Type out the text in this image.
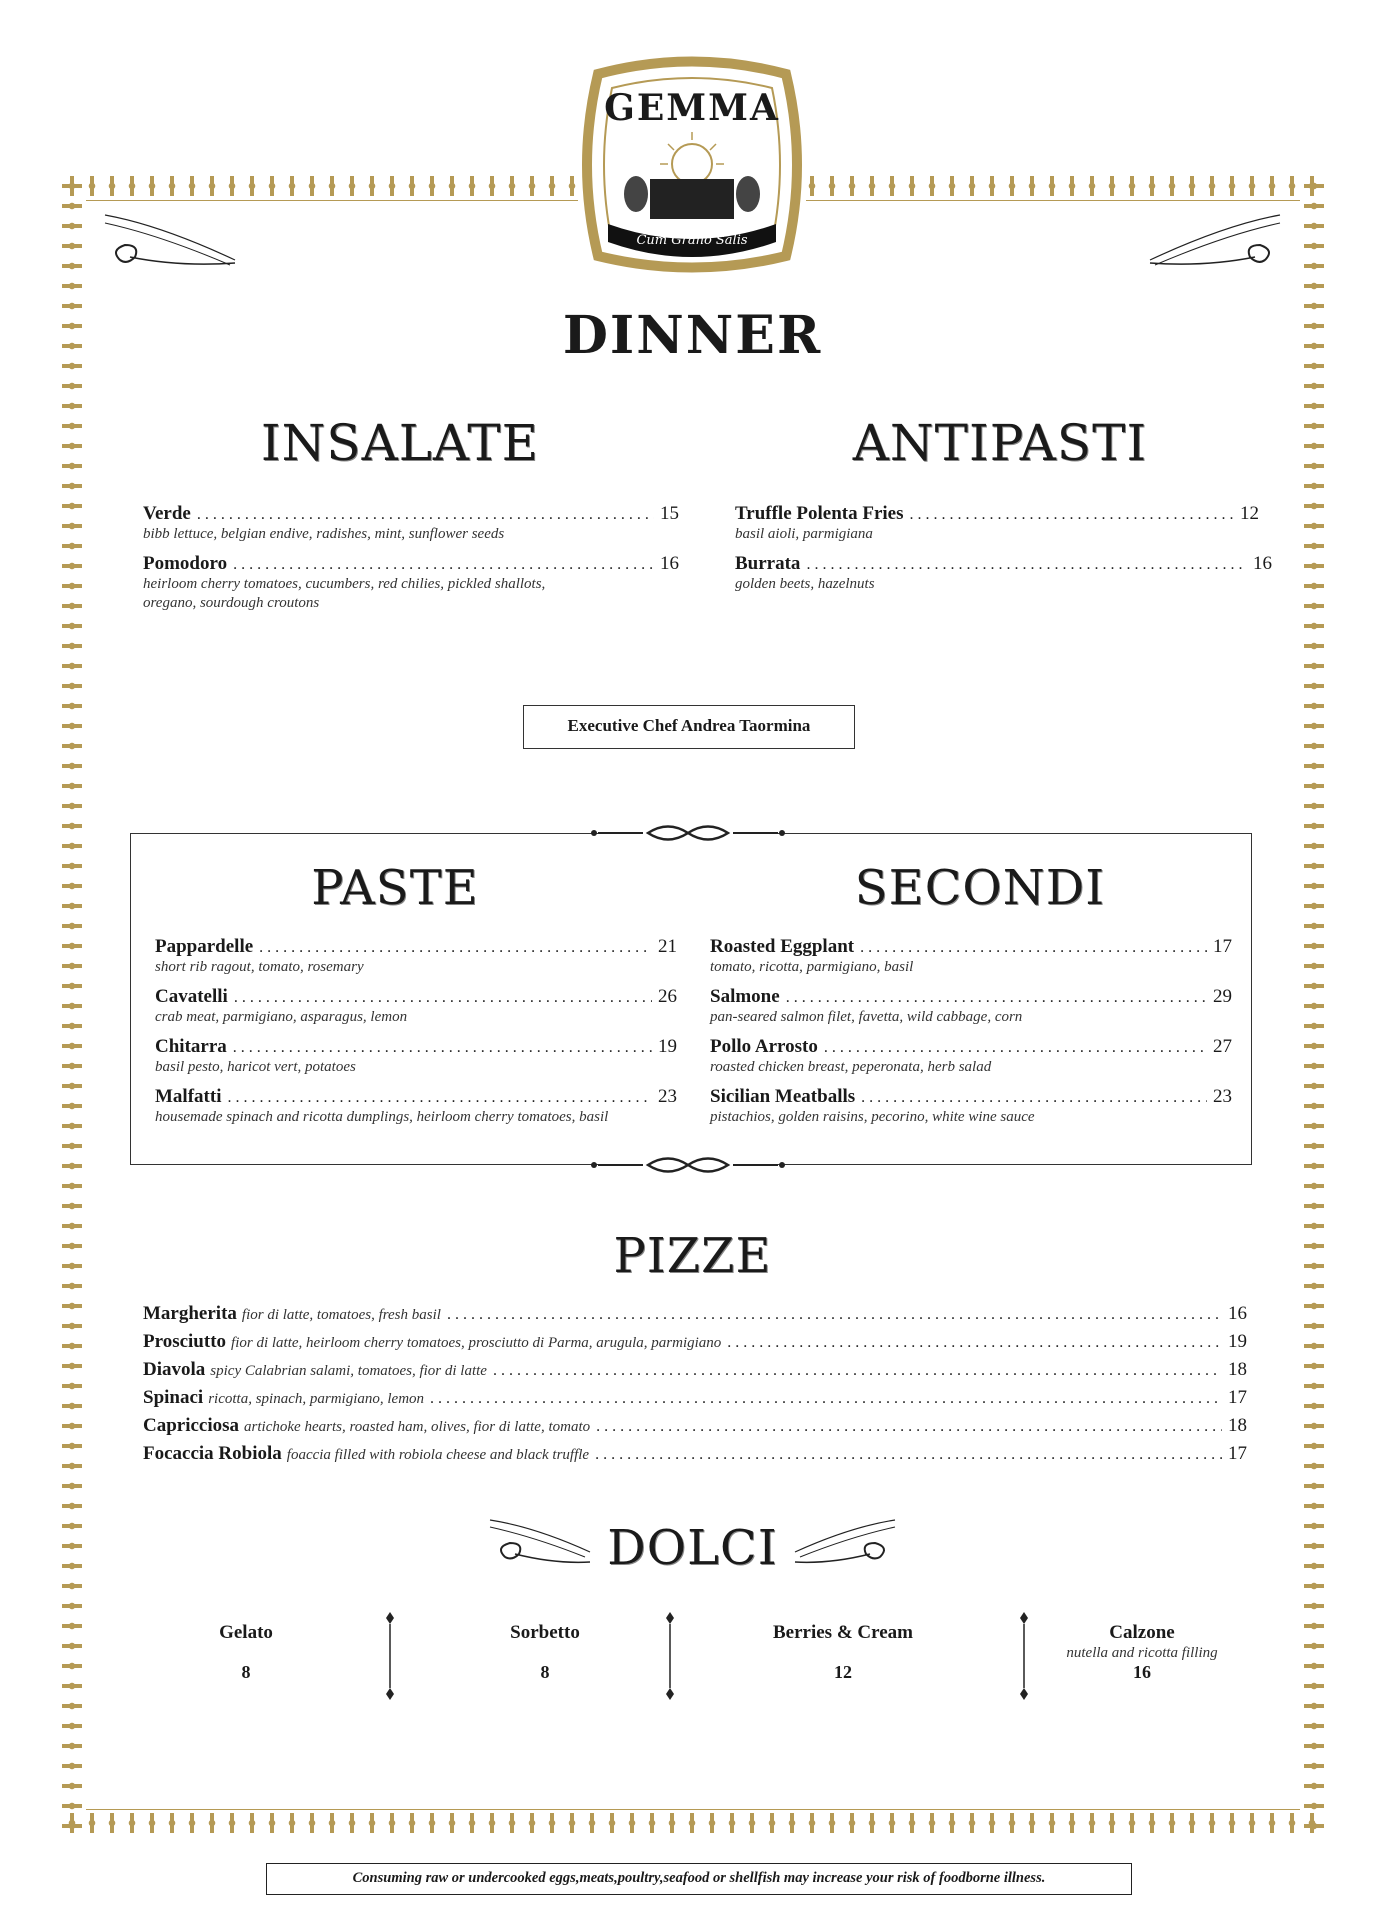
Cum Grano Salis
GEMMA
DINNER
INSALATE
Verde . . .	15
bibb lettuce, belgian endive, radishes, mint, sunflower seeds
Pomodoro . . .	16
heirloom cherry tomatoes, cucumbers, red chilies, pickled shallots,
oregano, sourdough croutons
ANTIPASTI
Truffle Polenta Fries . . .	12
basil aioli, parmigiana
Burrata . . .	16
golden beets, hazelnuts
Executive Chef Andrea Taormina
PASTE	SECONDI
Pappardelle . . .	21
short rib ragout, tomato, rosemary
Cavatelli . . .	26
crab meat, parmigiano, asparagus, lemon
Chitarra . . .	19
basil pesto, haricot vert, potatoes
Malfatti . . .	23
housemade spinach and ricotta dumplings, heirloom cherry tomatoes, basil
Roasted Eggplant . . .	17
tomato, ricotta, parmigiano, basil
Salmone . . .	29
pan-seared salmon filet, favetta, wild cabbage, corn
Pollo Arrosto . . .	27
roasted chicken breast, peperonata, herb salad
Sicilian Meatballs . . .	23
pistachios, golden raisins, pecorino, white wine sauce
PIZZE
Margherita fior di latte, tomatoes, fresh basil . . .	16
Prosciutto fior di latte, heirloom cherry tomatoes, prosciutto di Parma, arugula, parmigiano . . .	19
Diavola spicy Calabrian salami, tomatoes, fior di latte . . .	18
Spinaci ricotta, spinach, parmigiano, lemon . . .	17
Capricciosa artichoke hearts, roasted ham, olives, fior di latte, tomato . . .	18
Focaccia Robiola foaccia filled with robiola cheese and black truffle . . .	17
DOLCI
Gelato
8
Sorbetto
8
Berries & Cream
12
Calzone
nutella and ricotta filling
16
Consuming raw or undercooked eggs,meats,poultry,seafood or shellfish may increase your risk of foodborne illness.
